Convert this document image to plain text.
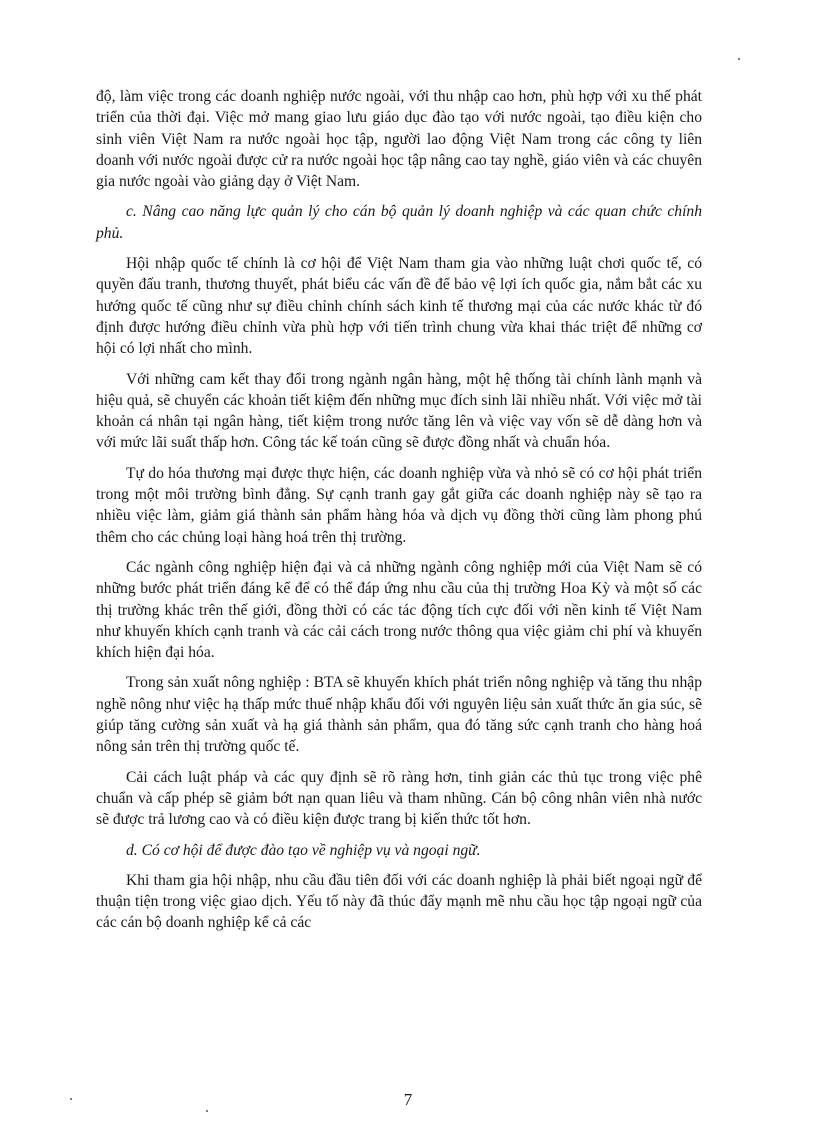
độ, làm việc trong các doanh nghiệp nước ngoài, với thu nhập cao hơn, phù hợp với xu thế phát triển của thời đại. Việc mở mang giao lưu giáo dục đào tạo với nước ngoài, tạo điều kiện cho sinh viên Việt Nam ra nước ngoài học tập, người lao động Việt Nam trong các công ty liên doanh với nước ngoài được cử ra nước ngoài học tập nâng cao tay nghề, giáo viên và các chuyên gia nước ngoài vào giảng dạy ở Việt Nam.

c. Nâng cao năng lực quản lý cho cán bộ quản lý doanh nghiệp và các quan chức chính phủ.

Hội nhập quốc tế chính là cơ hội để Việt Nam tham gia vào những luật chơi quốc tế, có quyền đấu tranh, thương thuyết, phát biểu các vấn đề để bảo vệ lợi ích quốc gia, nắm bắt các xu hướng quốc tế cũng như sự điều chỉnh chính sách kinh tế thương mại của các nước khác từ đó định được hướng điều chỉnh vừa phù hợp với tiến trình chung vừa khai thác triệt để những cơ hội có lợi nhất cho mình.

Với những cam kết thay đổi trong ngành ngân hàng, một hệ thống tài chính lành mạnh và hiệu quả, sẽ chuyển các khoản tiết kiệm đến những mục đích sinh lãi nhiều nhất. Với việc mở tài khoản cá nhân tại ngân hàng, tiết kiệm trong nước tăng lên và việc vay vốn sẽ dễ dàng hơn và với mức lãi suất thấp hơn. Công tác kế toán cũng sẽ được đồng nhất và chuẩn hóa.

Tự do hóa thương mại được thực hiện, các doanh nghiệp vừa và nhỏ sẽ có cơ hội phát triển trong một môi trường bình đẳng. Sự cạnh tranh gay gắt giữa các doanh nghiệp này sẽ tạo ra nhiều việc làm, giảm giá thành sản phẩm hàng hóa và dịch vụ đồng thời cũng làm phong phú thêm cho các chủng loại hàng hoá trên thị trường.

Các ngành công nghiệp hiện đại và cả những ngành công nghiệp mới của Việt Nam sẽ có những bước phát triển đáng kể để có thể đáp ứng nhu cầu của thị trường Hoa Kỳ và một số các thị trường khác trên thế giới, đồng thời có các tác động tích cực đối với nền kinh tế Việt Nam như khuyến khích cạnh tranh và các cải cách trong nước thông qua việc giảm chi phí và khuyến khích hiện đại hóa.

Trong sản xuất nông nghiệp : BTA sẽ khuyến khích phát triển nông nghiệp và tăng thu nhập nghề nông như việc hạ thấp mức thuế nhập khẩu đối với nguyên liệu sản xuất thức ăn gia súc, sẽ giúp tăng cường sản xuất và hạ giá thành sản phẩm, qua đó tăng sức cạnh tranh cho hàng hoá nông sản trên thị trường quốc tế.

Cải cách luật pháp và các quy định sẽ rõ ràng hơn, tinh giản các thủ tục trong việc phê chuẩn và cấp phép sẽ giảm bớt nạn quan liêu và tham nhũng. Cán bộ công nhân viên nhà nước sẽ được trả lương cao và có điều kiện được trang bị kiến thức tốt hơn.

d. Có cơ hội để được đào tạo về nghiệp vụ và ngoại ngữ.

Khi tham gia hội nhập, nhu cầu đầu tiên đối với các doanh nghiệp là phải biết ngoại ngữ để thuận tiện trong việc giao dịch. Yếu tố này đã thúc đẩy mạnh mẽ nhu cầu học tập ngoại ngữ của các cán bộ doanh nghiệp kể cả các

7
